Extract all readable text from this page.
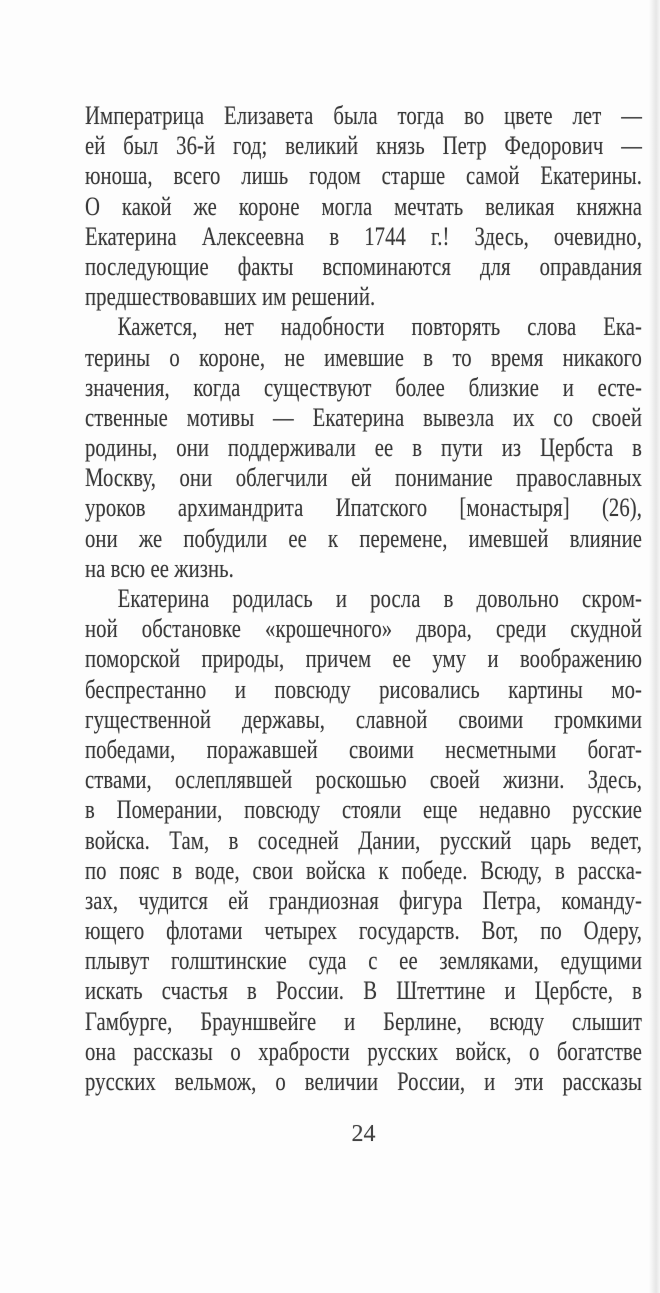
Императрица Елизавета была тогда во цвете лет —
ей был 36-й год; великий князь Петр Федорович —
юноша, всего лишь годом старше самой Екатерины.
О какой же короне могла мечтать великая княжна
Екатерина Алексеевна в 1744 г.! Здесь, очевидно,
последующие факты вспоминаются для оправдания
предшествовавших им решений.
Кажется, нет надобности повторять слова Ека-
терины о короне, не имевшие в то время никакого
значения, когда существуют более близкие и есте-
ственные мотивы — Екатерина вывезла их со своей
родины, они поддерживали ее в пути из Цербста в
Москву, они облегчили ей понимание православных
уроков архимандрита Ипатского [монастыря] (26),
они же побудили ее к перемене, имевшей влияние
на всю ее жизнь.
Екатерина родилась и росла в довольно скром-
ной обстановке «крошечного» двора, среди скудной
поморской природы, причем ее уму и воображению
беспрестанно и повсюду рисовались картины мо-
гущественной державы, славной своими громкими
победами, поражавшей своими несметными богат-
ствами, ослеплявшей роскошью своей жизни. Здесь,
в Померании, повсюду стояли еще недавно русские
войска. Там, в соседней Дании, русский царь ведет,
по пояс в воде, свои войска к победе. Всюду, в расска-
зах, чудится ей грандиозная фигура Петра, команду-
ющего флотами четырех государств. Вот, по Одеру,
плывут голштинские суда с ее земляками, едущими
искать счастья в России. В Штеттине и Цербсте, в
Гамбурге, Брауншвейге и Берлине, всюду слышит
она рассказы о храбрости русских войск, о богатстве
русских вельмож, о величии России, и эти рассказы
24
